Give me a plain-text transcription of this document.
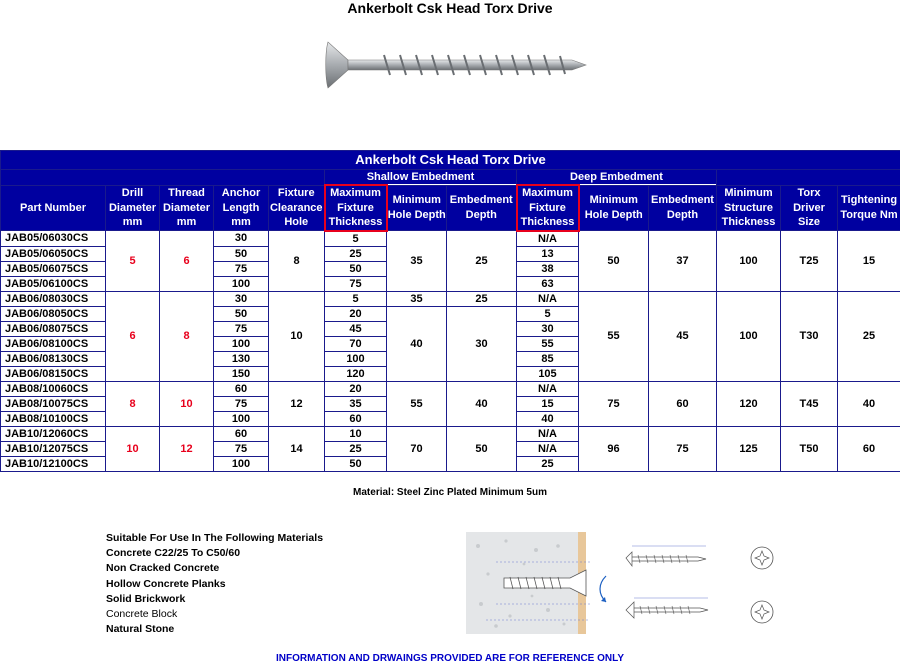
Ankerbolt Csk Head Torx Drive
Ankerbolt Csk Head Torx Drive													
					Shallow Embedment			Deep Embedment					
Part Number	Drill Diameter mm	Thread Diameter mm	Anchor Length mm	Fixture Clearance Hole	Maximum Fixture Thickness	Minimum Hole Depth	Embedment Depth	Maximum Fixture Thickness	Minimum Hole Depth	Embedment Depth	Minimum Structure Thickness	Torx Driver Size	Tightening Torque Nm
JAB05/06030CS	5	6	30	8	5	35	25	N/A	50	37	100	T25	15
JAB05/06050CS			50		25			13					
JAB05/06075CS			75		50			38					
JAB05/06100CS			100		75			63					
JAB06/08030CS	6	8	30	10	5	35	25	N/A	55	45	100	T30	25
JAB06/08050CS			50		20	40	30	5					
JAB06/08075CS			75		45			30					
JAB06/08100CS			100		70			55					
JAB06/08130CS			130		100			85					
JAB06/08150CS			150		120			105					
JAB08/10060CS	8	10	60	12	20	55	40	N/A	75	60	120	T45	40
JAB08/10075CS			75		35			15					
JAB08/10100CS			100		60			40					
JAB10/12060CS	10	12	60	14	10	70	50	N/A	96	75	125	T50	60
JAB10/12075CS			75		25			N/A					
JAB10/12100CS			100		50			25					
Material: Steel Zinc Plated Minimum 5um
Suitable For Use In The Following Materials
Concrete C22/25 To C50/60
Non Cracked Concrete
Hollow Concrete Planks
Solid Brickwork
Concrete Block
Natural Stone
INFORMATION AND DRWAINGS PROVIDED ARE FOR REFERENCE ONLY
